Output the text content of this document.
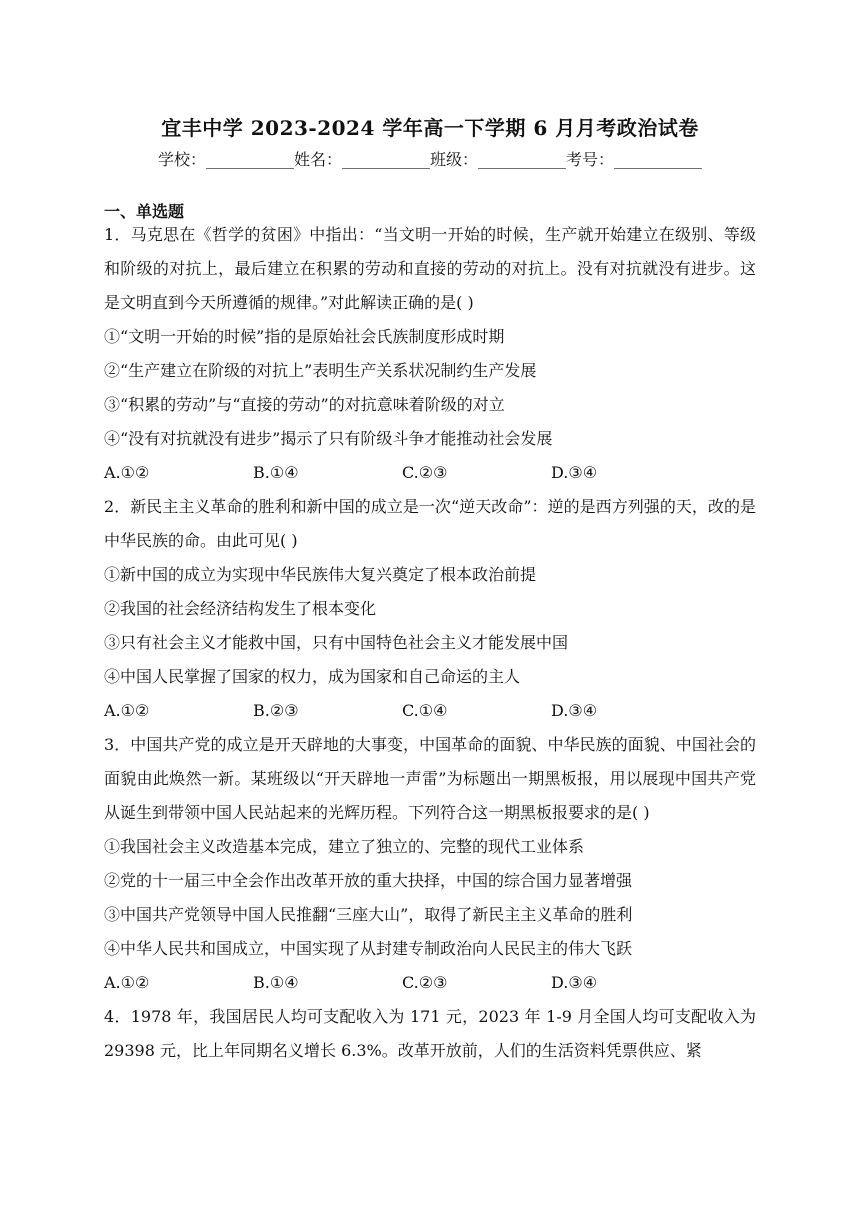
宜丰中学 2023-2024 学年高一下学期 6 月月考政治试卷
学校：___________姓名：___________班级：___________考号：___________
一、单选题
1．马克思在《哲学的贫困》中指出：“当文明一开始的时候，生产就开始建立在级别、等级和阶级的对抗上，最后建立在积累的劳动和直接的劳动的对抗上。没有对抗就没有进步。这是文明直到今天所遵循的规律。”对此解读正确的是( )
①“文明一开始的时候”指的是原始社会氏族制度形成时期
②“生产建立在阶级的对抗上”表明生产关系状况制约生产发展
③“积累的劳动”与“直接的劳动”的对抗意味着阶级的对立
④“没有对抗就没有进步”揭示了只有阶级斗争才能推动社会发展
A.①②	B.①④	C.②③	D.③④
2．新民主主义革命的胜利和新中国的成立是一次“逆天改命”：逆的是西方列强的天，改的是中华民族的命。由此可见( )
①新中国的成立为实现中华民族伟大复兴奠定了根本政治前提
②我国的社会经济结构发生了根本变化
③只有社会主义才能救中国，只有中国特色社会主义才能发展中国
④中国人民掌握了国家的权力，成为国家和自己命运的主人
A.①②	B.②③	C.①④	D.③④
3．中国共产党的成立是开天辟地的大事变，中国革命的面貌、中华民族的面貌、中国社会的面貌由此焕然一新。某班级以“开天辟地一声雷”为标题出一期黑板报，用以展现中国共产党从诞生到带领中国人民站起来的光辉历程。下列符合这一期黑板报要求的是( )
①我国社会主义改造基本完成，建立了独立的、完整的现代工业体系
②党的十一届三中全会作出改革开放的重大抉择，中国的综合国力显著增强
③中国共产党领导中国人民推翻“三座大山”，取得了新民主主义革命的胜利
④中华人民共和国成立，中国实现了从封建专制政治向人民民主的伟大飞跃
A.①②	B.①④	C.②③	D.③④
4．1978 年，我国居民人均可支配收入为 171 元，2023 年 1-9 月全国人均可支配收入为 29398 元，比上年同期名义增长 6.3%。改革开放前，人们的生活资料凭票供应、紧
